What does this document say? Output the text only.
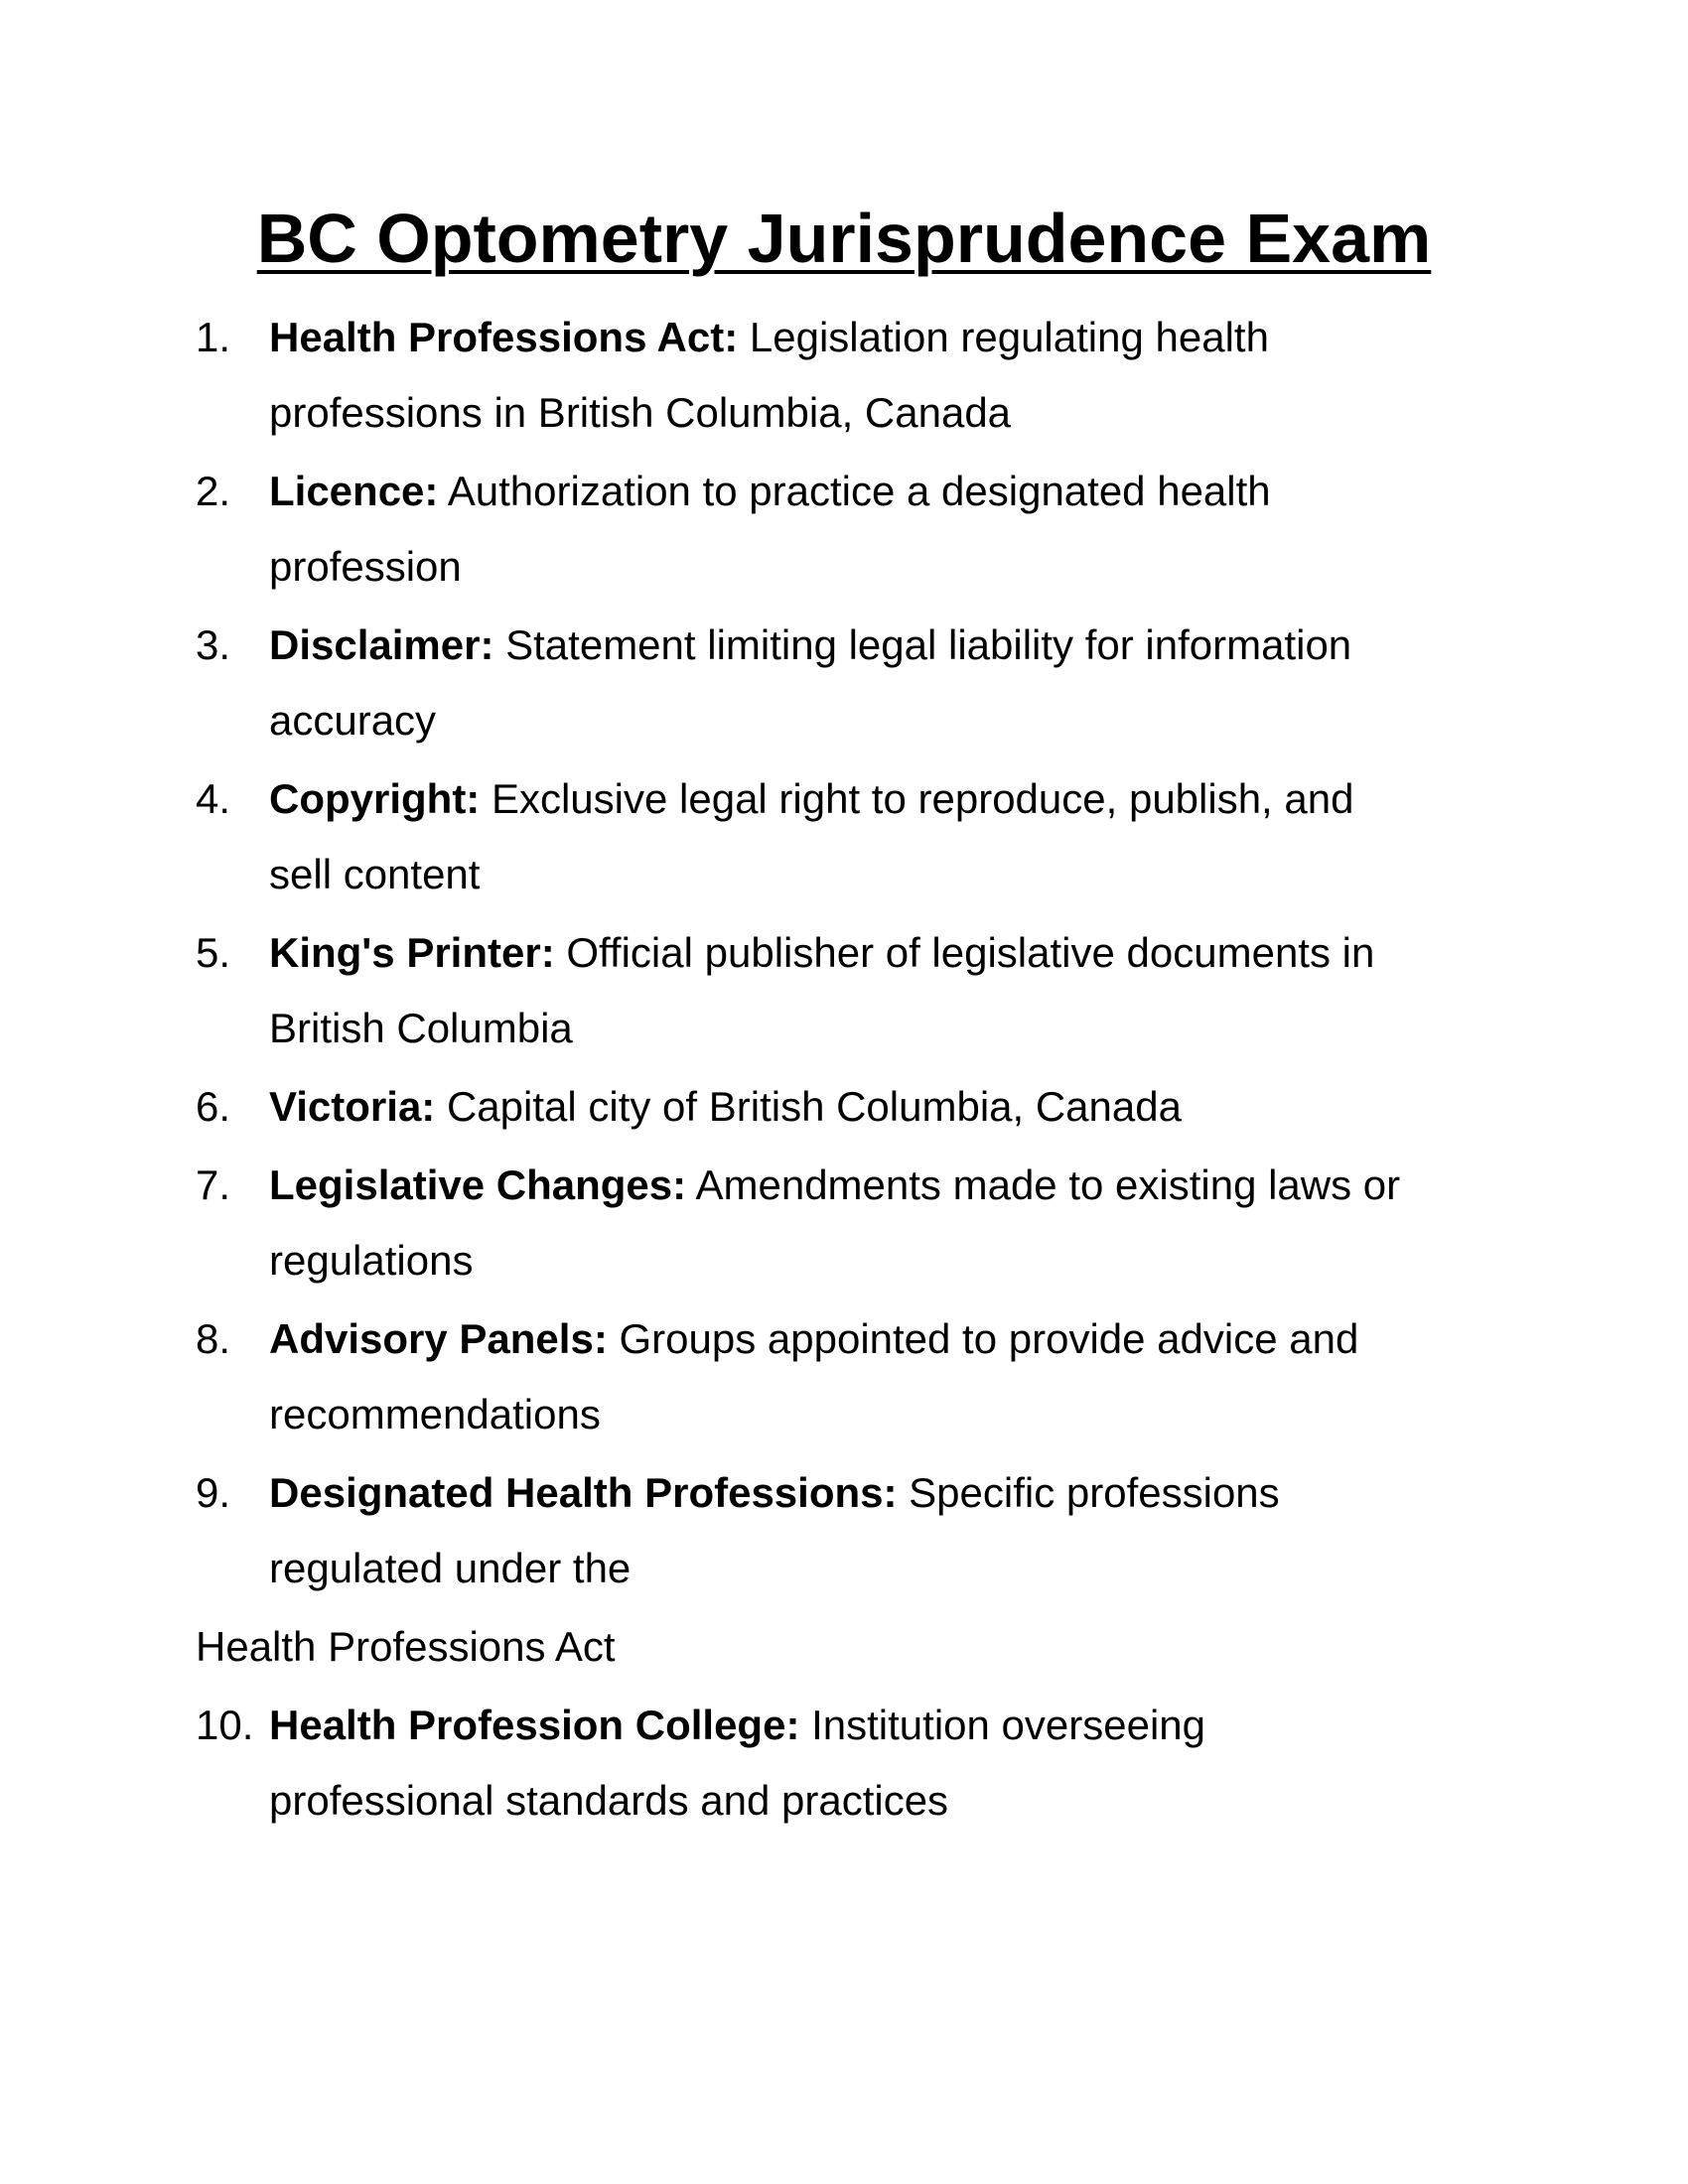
BC Optometry Jurisprudence Exam
1. Health Professions Act: Legislation regulating health professions in British Columbia, Canada
2. Licence: Authorization to practice a designated health profession
3. Disclaimer: Statement limiting legal liability for information accuracy
4. Copyright: Exclusive legal right to reproduce, publish, and sell content
5. King's Printer: Official publisher of legislative documents in British Columbia
6. Victoria: Capital city of British Columbia, Canada
7. Legislative Changes: Amendments made to existing laws or regulations
8. Advisory Panels: Groups appointed to provide advice and recommendations
9. Designated Health Professions: Specific professions regulated under the
Health Professions Act
10. Health Profession College: Institution overseeing professional standards and practices
